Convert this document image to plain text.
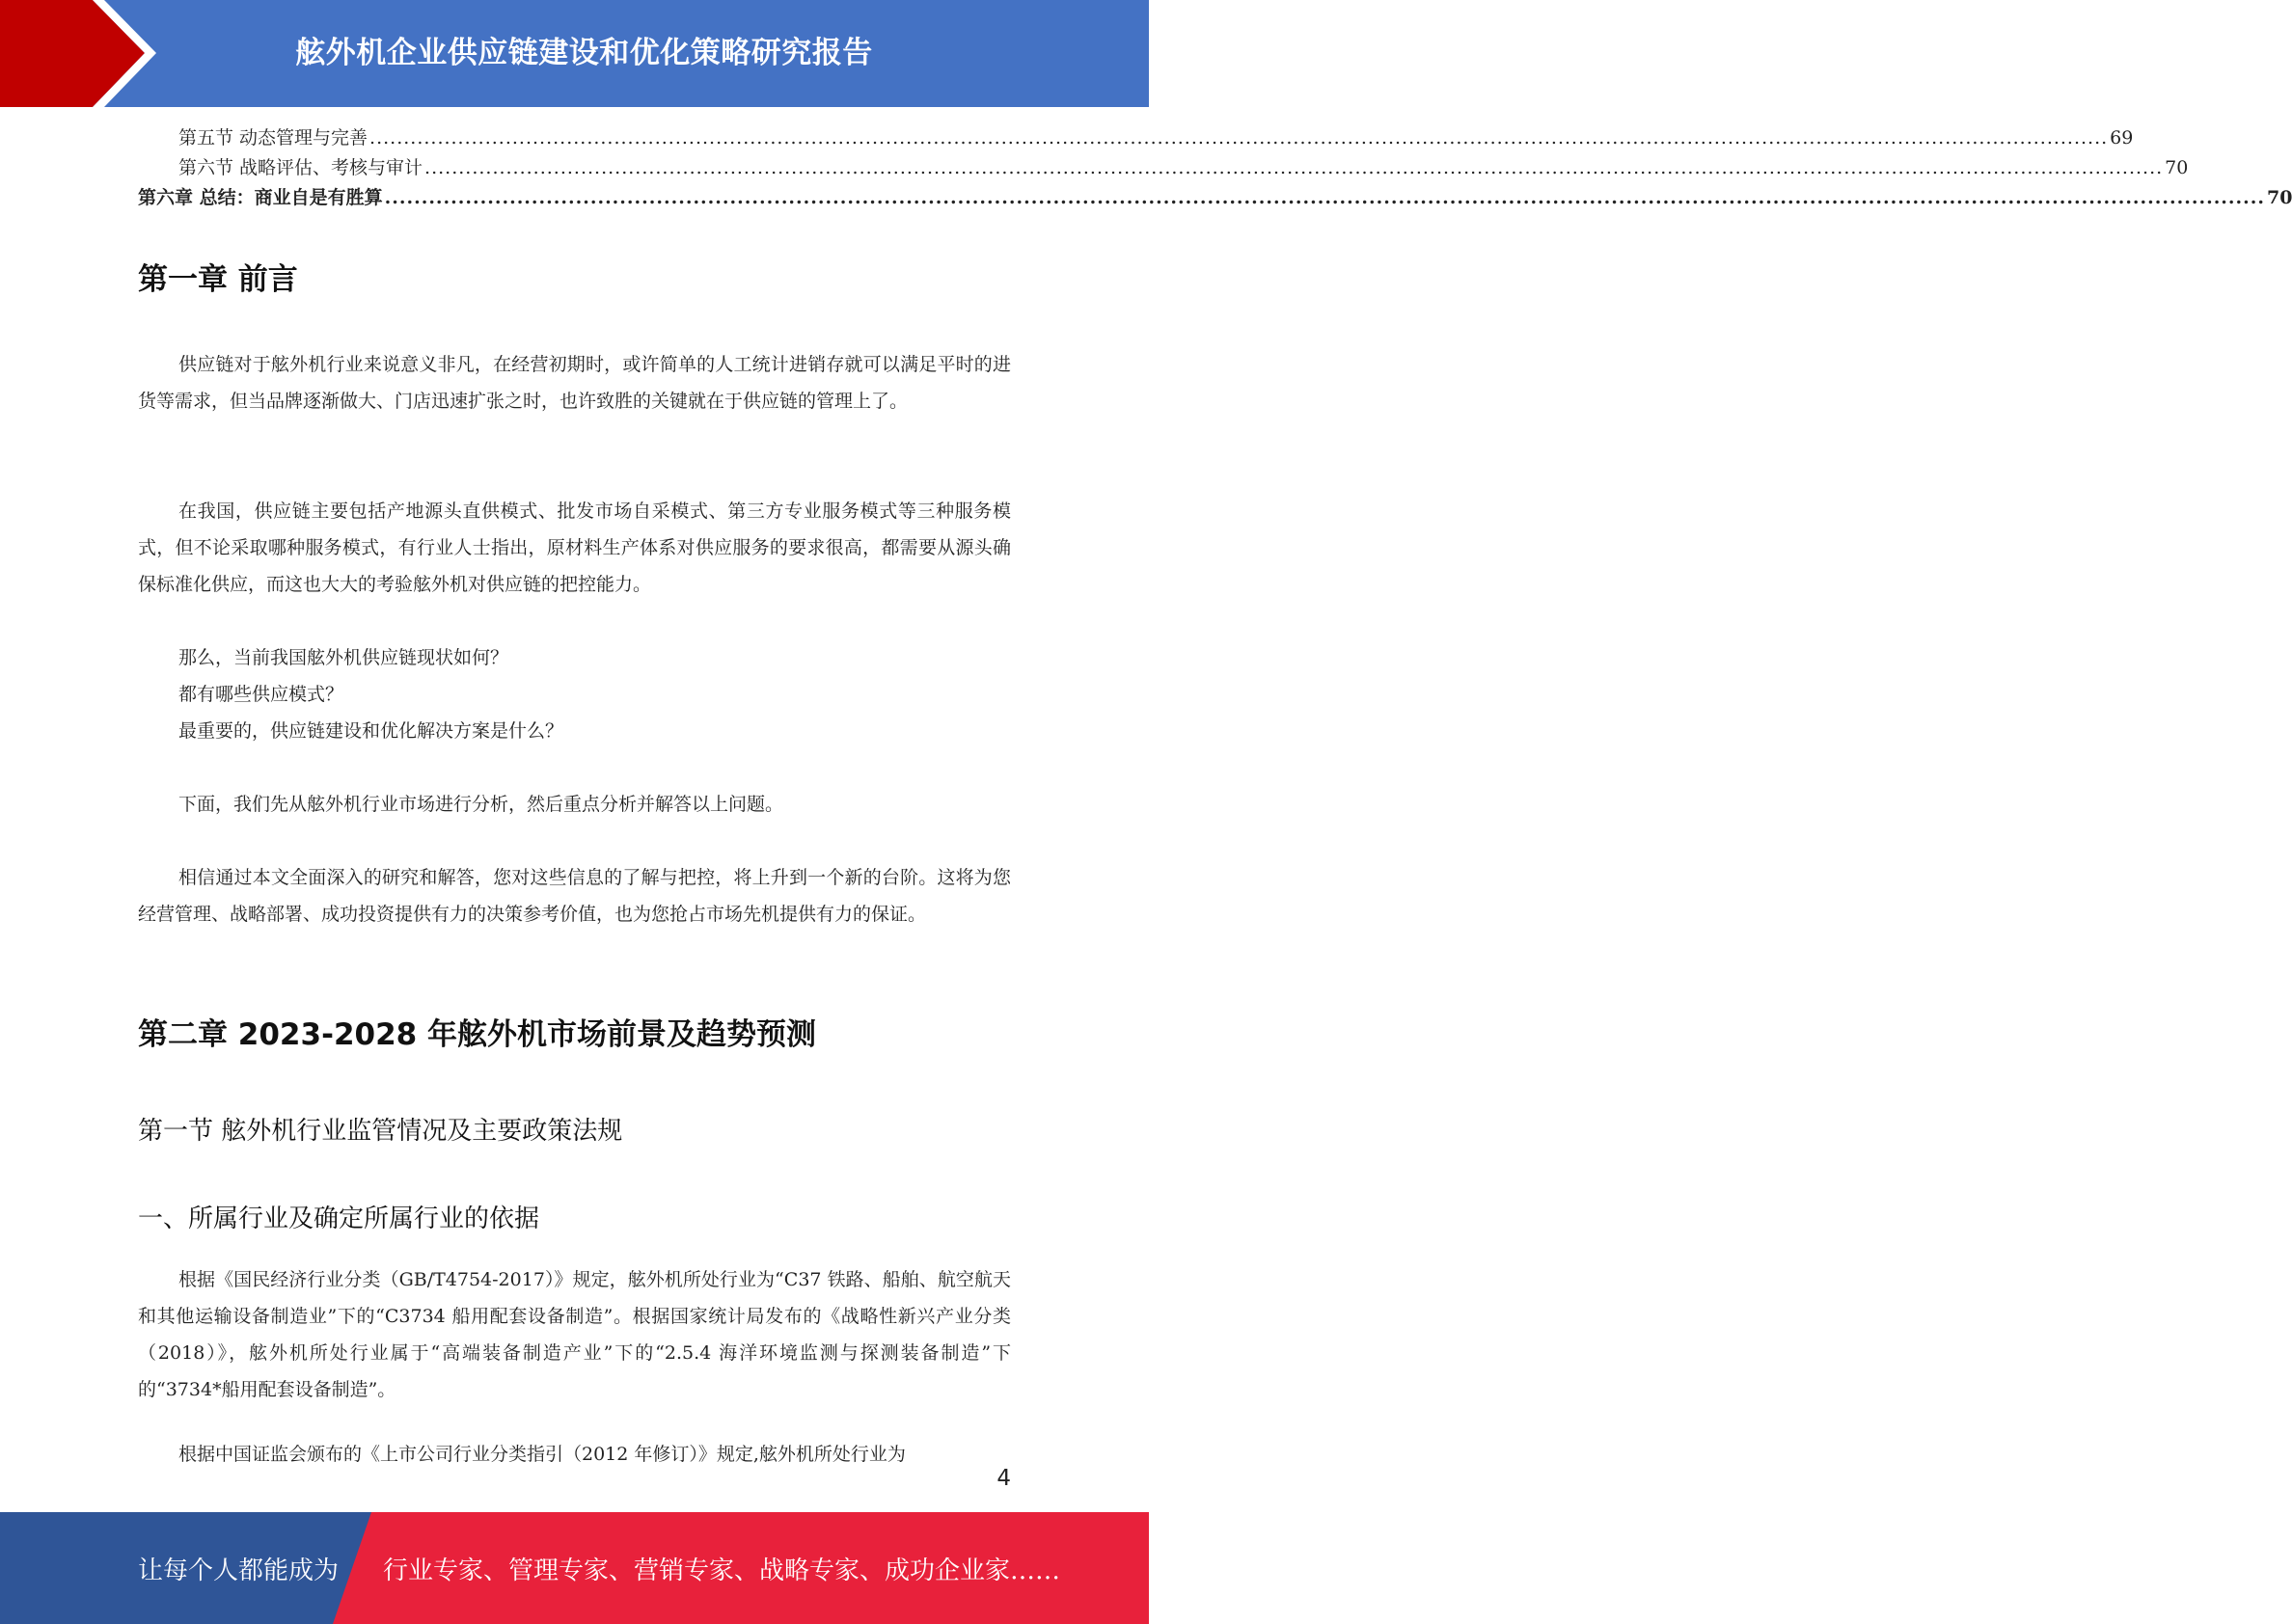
舷外机企业供应链建设和优化策略研究报告
第五节 动态管理与完善 ................................................................................................................................................................................................................................................................ 69
第六节 战略评估、考核与审计 ................................................................................................................................................................................................................................................................ 70
第六章 总结：商业自是有胜算 ................................................................................................................................................................................................................................................................ 70
第一章 前言

供应链对于舷外机行业来说意义非凡，在经营初期时，或许简单的人工统计进销存就可以满足平时的进货等需求，但当品牌逐渐做大、门店迅速扩张之时，也许致胜的关键就在于供应链的管理上了。

在我国，供应链主要包括产地源头直供模式、批发市场自采模式、第三方专业服务模式等三种服务模式，但不论采取哪种服务模式，有行业人士指出，原材料生产体系对供应服务的要求很高，都需要从源头确保标准化供应，而这也大大的考验舷外机对供应链的把控能力。

那么，当前我国舷外机供应链现状如何？
都有哪些供应模式？
最重要的，供应链建设和优化解决方案是什么？
下面，我们先从舷外机行业市场进行分析，然后重点分析并解答以上问题。

相信通过本文全面深入的研究和解答，您对这些信息的了解与把控，将上升到一个新的台阶。这将为您经营管理、战略部署、成功投资提供有力的决策参考价值，也为您抢占市场先机提供有力的保证。

第二章 2023-2028 年舷外机市场前景及趋势预测
第一节 舷外机行业监管情况及主要政策法规
一、所属行业及确定所属行业的依据

根据《国民经济行业分类（GB/T4754-2017）》规定，舷外机所处行业为“C37 铁路、船舶、航空航天和其他运输设备制造业”下的“C3734 船用配套设备制造”。根据国家统计局发布的《战略性新兴产业分类（2018）》，舷外机所处行业属于“高端装备制造产业”下的“2.5.4 海洋环境监测与探测装备制造”下的“3734*船用配套设备制造”。

根据中国证监会颁布的《上市公司行业分类指引（2012 年修订）》规定,舷外机所处行业为

4
让每个人都能成为 行业专家、管理专家、营销专家、战略专家、成功企业家……
